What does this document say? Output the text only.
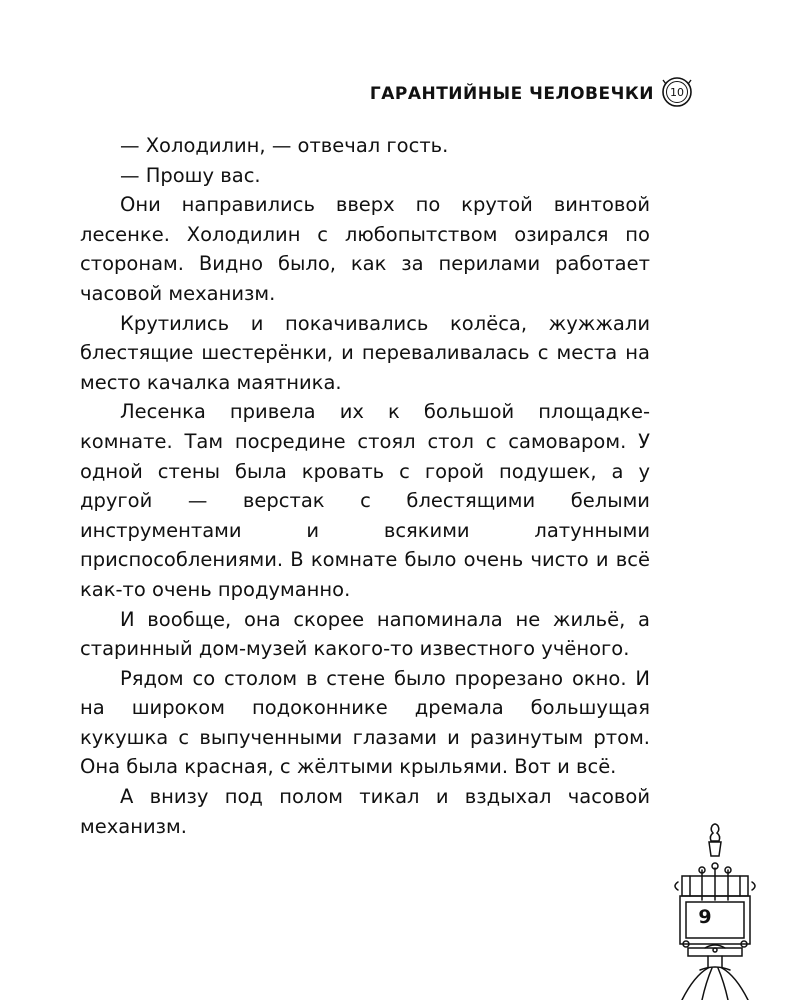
ГАРАНТИЙНЫЕ ЧЕЛОВЕЧКИ 10

— Холодилин, — отвечал гость.

— Прошу вас.

Они направились вверх по крутой винтовой лесенке. Холодилин с любопытством озирался по сторонам. Видно было, как за перилами работает часовой механизм.

Крутились и покачивались колёса, жужжали блестящие шестерёнки, и переваливалась с места на место качалка маятника.

Лесенка привела их к большой площадке-комнате. Там посредине стоял стол с самоваром. У одной стены была кровать с горой подушек, а у другой — верстак с блестящими белыми инструментами и всякими латунными приспособлениями. В комнате было очень чисто и всё как-то очень продуманно.

И вообще, она скорее напоминала не жильё, а старинный дом-музей какого-то известного учёного.

Рядом со столом в стене было прорезано окно. И на широком подоконнике дремала большущая кукушка с выпученными глазами и разинутым ртом. Она была красная, с жёлтыми крыльями. Вот и всё.

А внизу под полом тикал и вздыхал часовой механизм.

9
